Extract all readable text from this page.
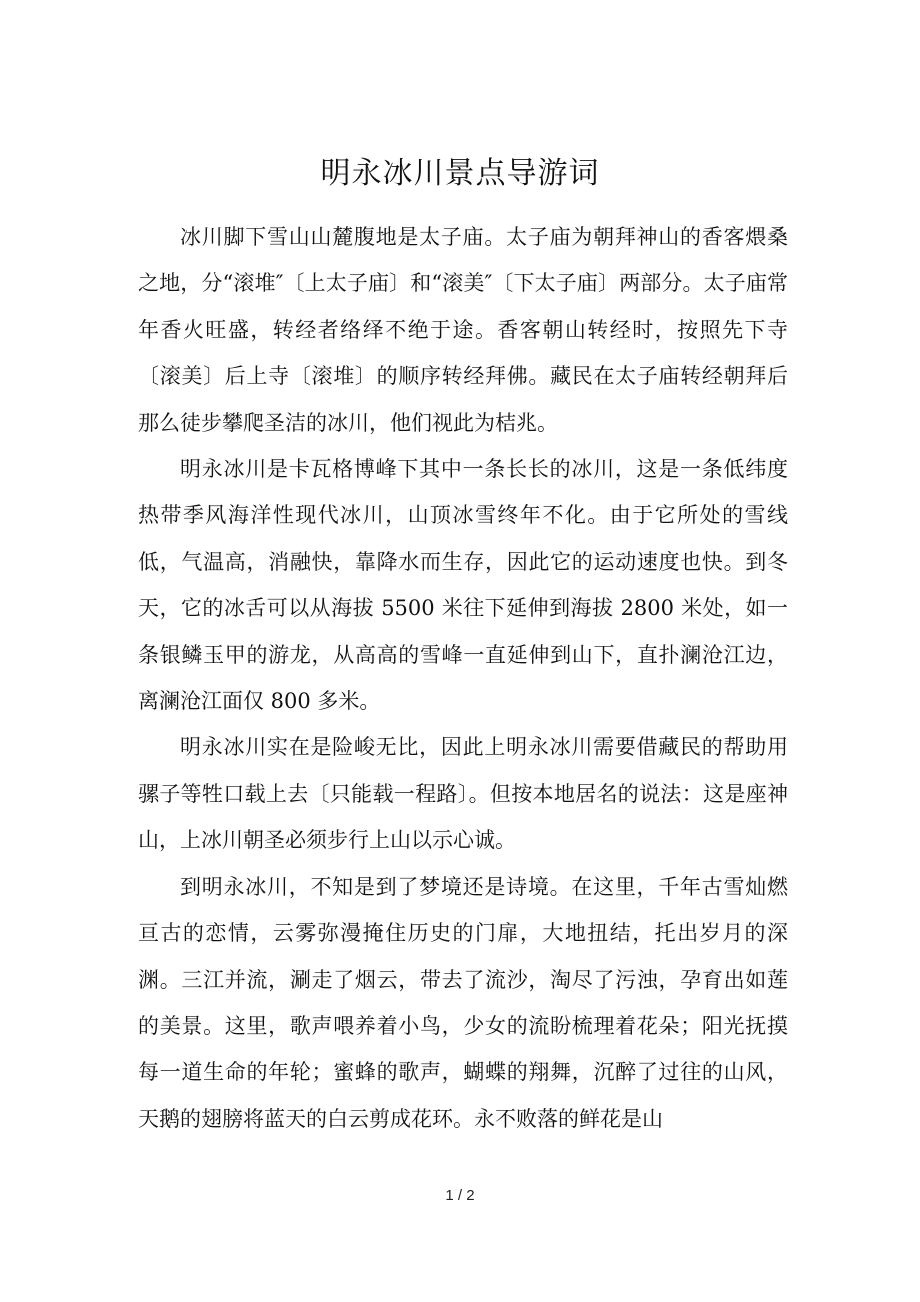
明永冰川景点导游词

冰川脚下雪山山麓腹地是太子庙。太子庙为朝拜神山的香客煨桑之地，分“滚堆″〔上太子庙〕和“滚美″〔下太子庙〕两部分。太子庙常年香火旺盛，转经者络绎不绝于途。香客朝山转经时，按照先下寺〔滚美〕后上寺〔滚堆〕的顺序转经拜佛。藏民在太子庙转经朝拜后那么徒步攀爬圣洁的冰川，他们视此为桔兆。

明永冰川是卡瓦格博峰下其中一条长长的冰川，这是一条低纬度热带季风海洋性现代冰川，山顶冰雪终年不化。由于它所处的雪线低，气温高，消融快，靠降水而生存，因此它的运动速度也快。到冬天，它的冰舌可以从海拔 5500 米往下延伸到海拔 2800 米处，如一条银鳞玉甲的游龙，从高高的雪峰一直延伸到山下，直扑澜沧江边，离澜沧江面仅 800 多米。

明永冰川实在是险峻无比，因此上明永冰川需要借藏民的帮助用骡子等牲口载上去〔只能载一程路〕。但按本地居名的说法：这是座神山，上冰川朝圣必须步行上山以示心诚。

到明永冰川，不知是到了梦境还是诗境。在这里，千年古雪灿燃亘古的恋情，云雾弥漫掩住历史的门扉，大地扭结，托出岁月的深渊。三江并流，涮走了烟云，带去了流沙，淘尽了污浊，孕育出如莲的美景。这里，歌声喂养着小鸟，少女的流盼梳理着花朵；阳光抚摸每一道生命的年轮；蜜蜂的歌声，蝴蝶的翔舞，沉醉了过往的山风，天鹅的翅膀将蓝天的白云剪成花环。永不败落的鲜花是山

1 / 2
